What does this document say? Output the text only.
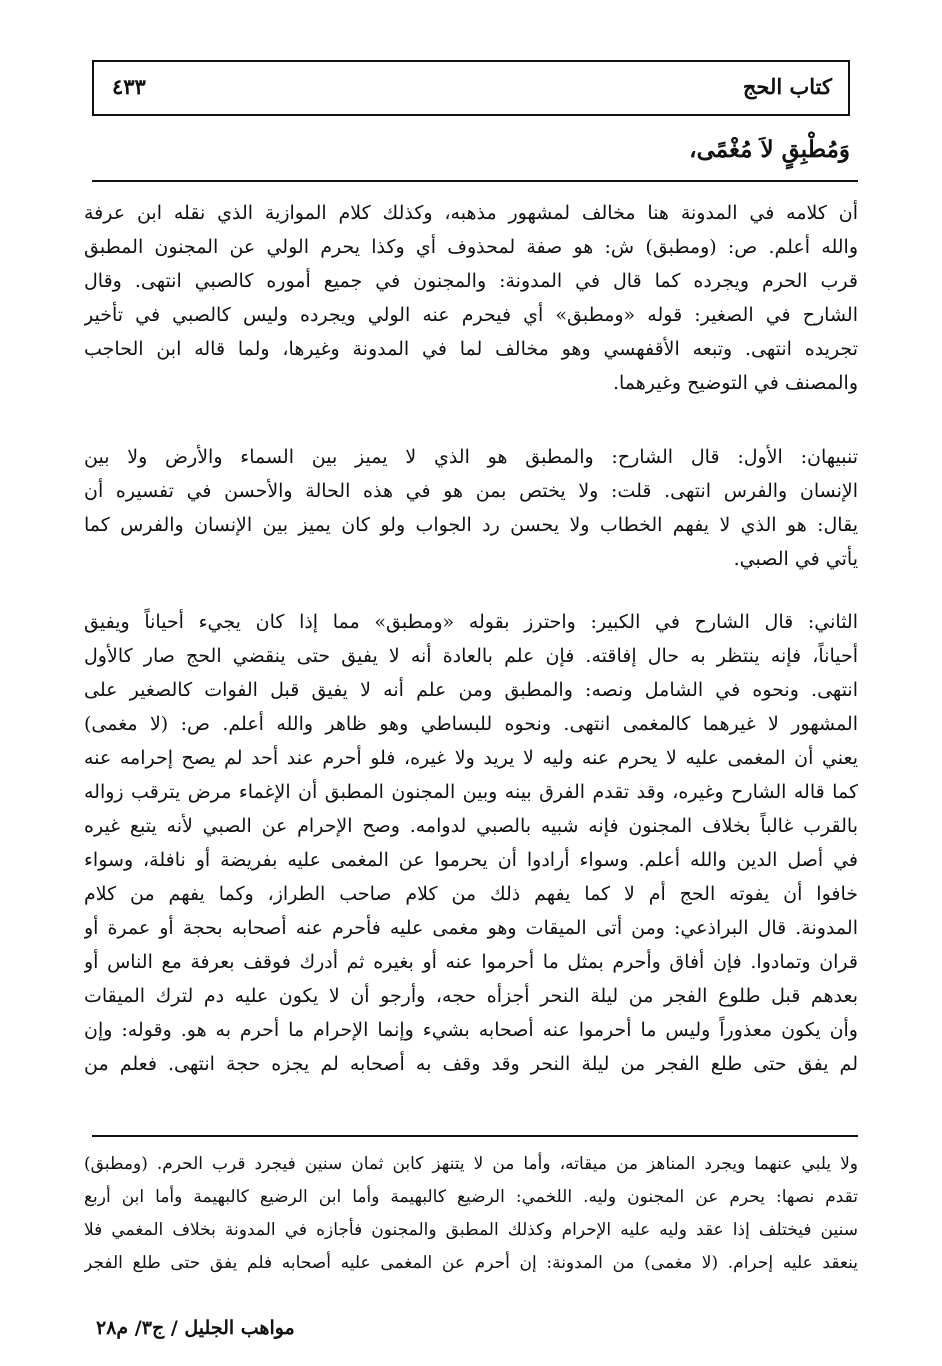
كتاب الحج
٤٣٣
وَمُطْبِقٍ لاَ مُغْمًى،
أن كلامه في المدونة هنا مخالف لمشهور مذهبه، وكذلك كلام الموازية الذي نقله ابن عرفة
والله أعلم. ص: (ومطبق) ش: هو صفة لمحذوف أي وكذا يحرم الولي عن المجنون المطبق
قرب الحرم ويجرده كما قال في المدونة: والمجنون في جميع أموره كالصبي انتهى. وقال
الشارح في الصغير: قوله «ومطبق» أي فيحرم عنه الولي ويجرده وليس كالصبي في تأخير
تجريده انتهى. وتبعه الأقفهسي وهو مخالف لما في المدونة وغيرها، ولما قاله ابن الحاجب
والمصنف في التوضيح وغيرهما.
تنبيهان: الأول: قال الشارح: والمطبق هو الذي لا يميز بين السماء والأرض ولا بين
الإنسان والفرس انتهى. قلت: ولا يختص بمن هو في هذه الحالة والأحسن في تفسيره أن
يقال: هو الذي لا يفهم الخطاب ولا يحسن رد الجواب ولو كان يميز بين الإنسان والفرس كما
يأتي في الصبي.
الثاني: قال الشارح في الكبير: واحترز بقوله «ومطبق» مما إذا كان يجيء أحياناً ويفيق
أحياناً، فإنه ينتظر به حال إفاقته. فإن علم بالعادة أنه لا يفيق حتى ينقضي الحج صار كالأول
انتهى. ونحوه في الشامل ونصه: والمطبق ومن علم أنه لا يفيق قبل الفوات كالصغير على
المشهور لا غيرهما كالمغمى انتهى. ونحوه للبساطي وهو ظاهر والله أعلم. ص: (لا مغمى)
يعني أن المغمى عليه لا يحرم عنه وليه لا يريد ولا غيره، فلو أحرم عند أحد لم يصح إحرامه عنه
كما قاله الشارح وغيره، وقد تقدم الفرق بينه وبين المجنون المطبق أن الإغماء مرض يترقب زواله
بالقرب غالباً بخلاف المجنون فإنه شبيه بالصبي لدوامه. وصح الإحرام عن الصبي لأنه يتبع غيره
في أصل الدين والله أعلم. وسواء أرادوا أن يحرموا عن المغمى عليه بفريضة أو نافلة، وسواء
خافوا أن يفوته الحج أم لا كما يفهم ذلك من كلام صاحب الطراز، وكما يفهم من كلام
المدونة. قال البراذعي: ومن أتى الميقات وهو مغمى عليه فأحرم عنه أصحابه بحجة أو عمرة أو
قران وتمادوا. فإن أفاق وأحرم بمثل ما أحرموا عنه أو بغيره ثم أدرك فوقف بعرفة مع الناس أو
بعدهم قبل طلوع الفجر من ليلة النحر أجزأه حجه، وأرجو أن لا يكون عليه دم لترك الميقات
وأن يكون معذوراً وليس ما أحرموا عنه أصحابه بشيء وإنما الإحرام ما أحرم به هو. وقوله: وإن
لم يفق حتى طلع الفجر من ليلة النحر وقد وقف به أصحابه لم يجزه حجة انتهى. فعلم من
ولا يلبي عنهما ويجرد المناهز من ميقاته، وأما من لا يتنهز كابن ثمان سنين فيجرد قرب الحرم. (ومطبق)
تقدم نصها: يحرم عن المجنون وليه. اللخمي: الرضيع كالبهيمة وأما ابن الرضيع كالبهيمة وأما ابن أربع
سنين فيختلف إذا عقد وليه عليه الإحرام وكذلك المطبق والمجنون فأجازه في المدونة بخلاف المغمي فلا
ينعقد عليه إحرام. (لا مغمى) من المدونة: إن أحرم عن المغمى عليه أصحابه فلم يفق حتى طلع الفجر
مواهب الجليل / ج٣/ م٢٨
